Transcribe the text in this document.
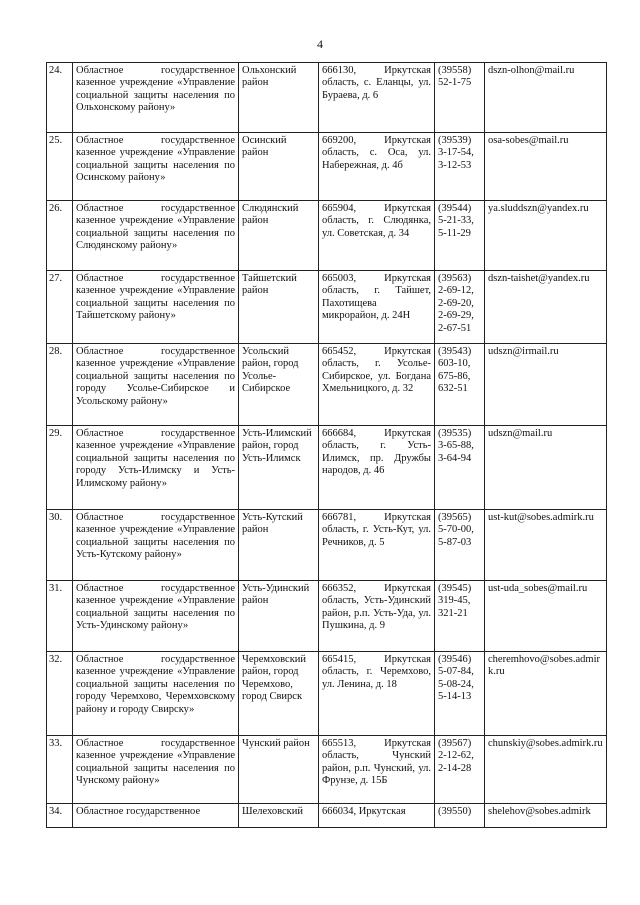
4
24.	Областное государственное казенное учреждение «Управление социальной защиты населения по Ольхонскому району»	Ольхонский район	666130, Иркутская область, с. Еланцы, ул. Бураева, д. 6	(39558) 52-1-75	dszn-olhon@mail.ru
25.	Областное государственное казенное учреждение «Управление социальной защиты населения по Осинскому району»	Осинский район	669200, Иркутская область, с. Оса, ул. Набережная, д. 4б	(39539) 3-17-54, 3-12-53	osa-sobes@mail.ru
26.	Областное государственное казенное учреждение «Управление социальной защиты населения по Слюдянскому району»	Слюдянский район	665904, Иркутская область, г. Слюдянка, ул. Советская, д. 34	(39544) 5-21-33, 5-11-29	ya.sluddszn@yandex.ru
27.	Областное государственное казенное учреждение «Управление социальной защиты населения по Тайшетскому району»	Тайшетский район	665003, Иркутская область, г. Тайшет, Пахотищева микрорайон, д. 24Н	(39563) 2-69-12, 2-69-20, 2-69-29, 2-67-51	dszn-taishet@yandex.ru
28.	Областное государственное казенное учреждение «Управление социальной защиты населения по городу Усолье-Сибирское и Усольскому району»	Усольский район, город Усолье-Сибирское	665452, Иркутская область, г. Усолье-Сибирское, ул. Богдана Хмельницкого, д. 32	(39543) 603-10, 675-86, 632-51	udszn@irmail.ru
29.	Областное государственное казенное учреждение «Управление социальной защиты населения по городу Усть-Илимску и Усть-Илимскому району»	Усть-Илимский район, город Усть-Илимск	666684, Иркутская область, г. Усть-Илимск, пр. Дружбы народов, д. 46	(39535) 3-65-88, 3-64-94	udszn@mail.ru
30.	Областное государственное казенное учреждение «Управление социальной защиты населения по Усть-Кутскому району»	Усть-Кутский район	666781, Иркутская область, г. Усть-Кут, ул. Речников, д. 5	(39565) 5-70-00, 5-87-03	ust-kut@sobes.admirk.ru
31.	Областное государственное казенное учреждение «Управление социальной защиты населения по Усть-Удинскому району»	Усть-Удинский район	666352, Иркутская область, Усть-Удинский район, р.п. Усть-Уда, ул. Пушкина, д. 9	(39545) 319-45, 321-21	ust-uda_sobes@mail.ru
32.	Областное государственное казенное учреждение «Управление социальной защиты населения по городу Черемхово, Черемховскому району и городу Свирску»	Черемховский район, город Черемхово, город Свирск	665415, Иркутская область, г. Черемхово, ул. Ленина, д. 18	(39546) 5-07-84, 5-08-24, 5-14-13	cheremhovo@sobes.admirk.ru
33.	Областное государственное казенное учреждение «Управление социальной защиты населения по Чунскому району»	Чунский район	665513, Иркутская область, Чунский район, р.п. Чунский, ул. Фрунзе, д. 15Б	(39567) 2-12-62, 2-14-28	chunskiy@sobes.admirk.ru
34.	Областное государственное	Шелеховский	666034, Иркутская	(39550)	shelehov@sobes.admirk
